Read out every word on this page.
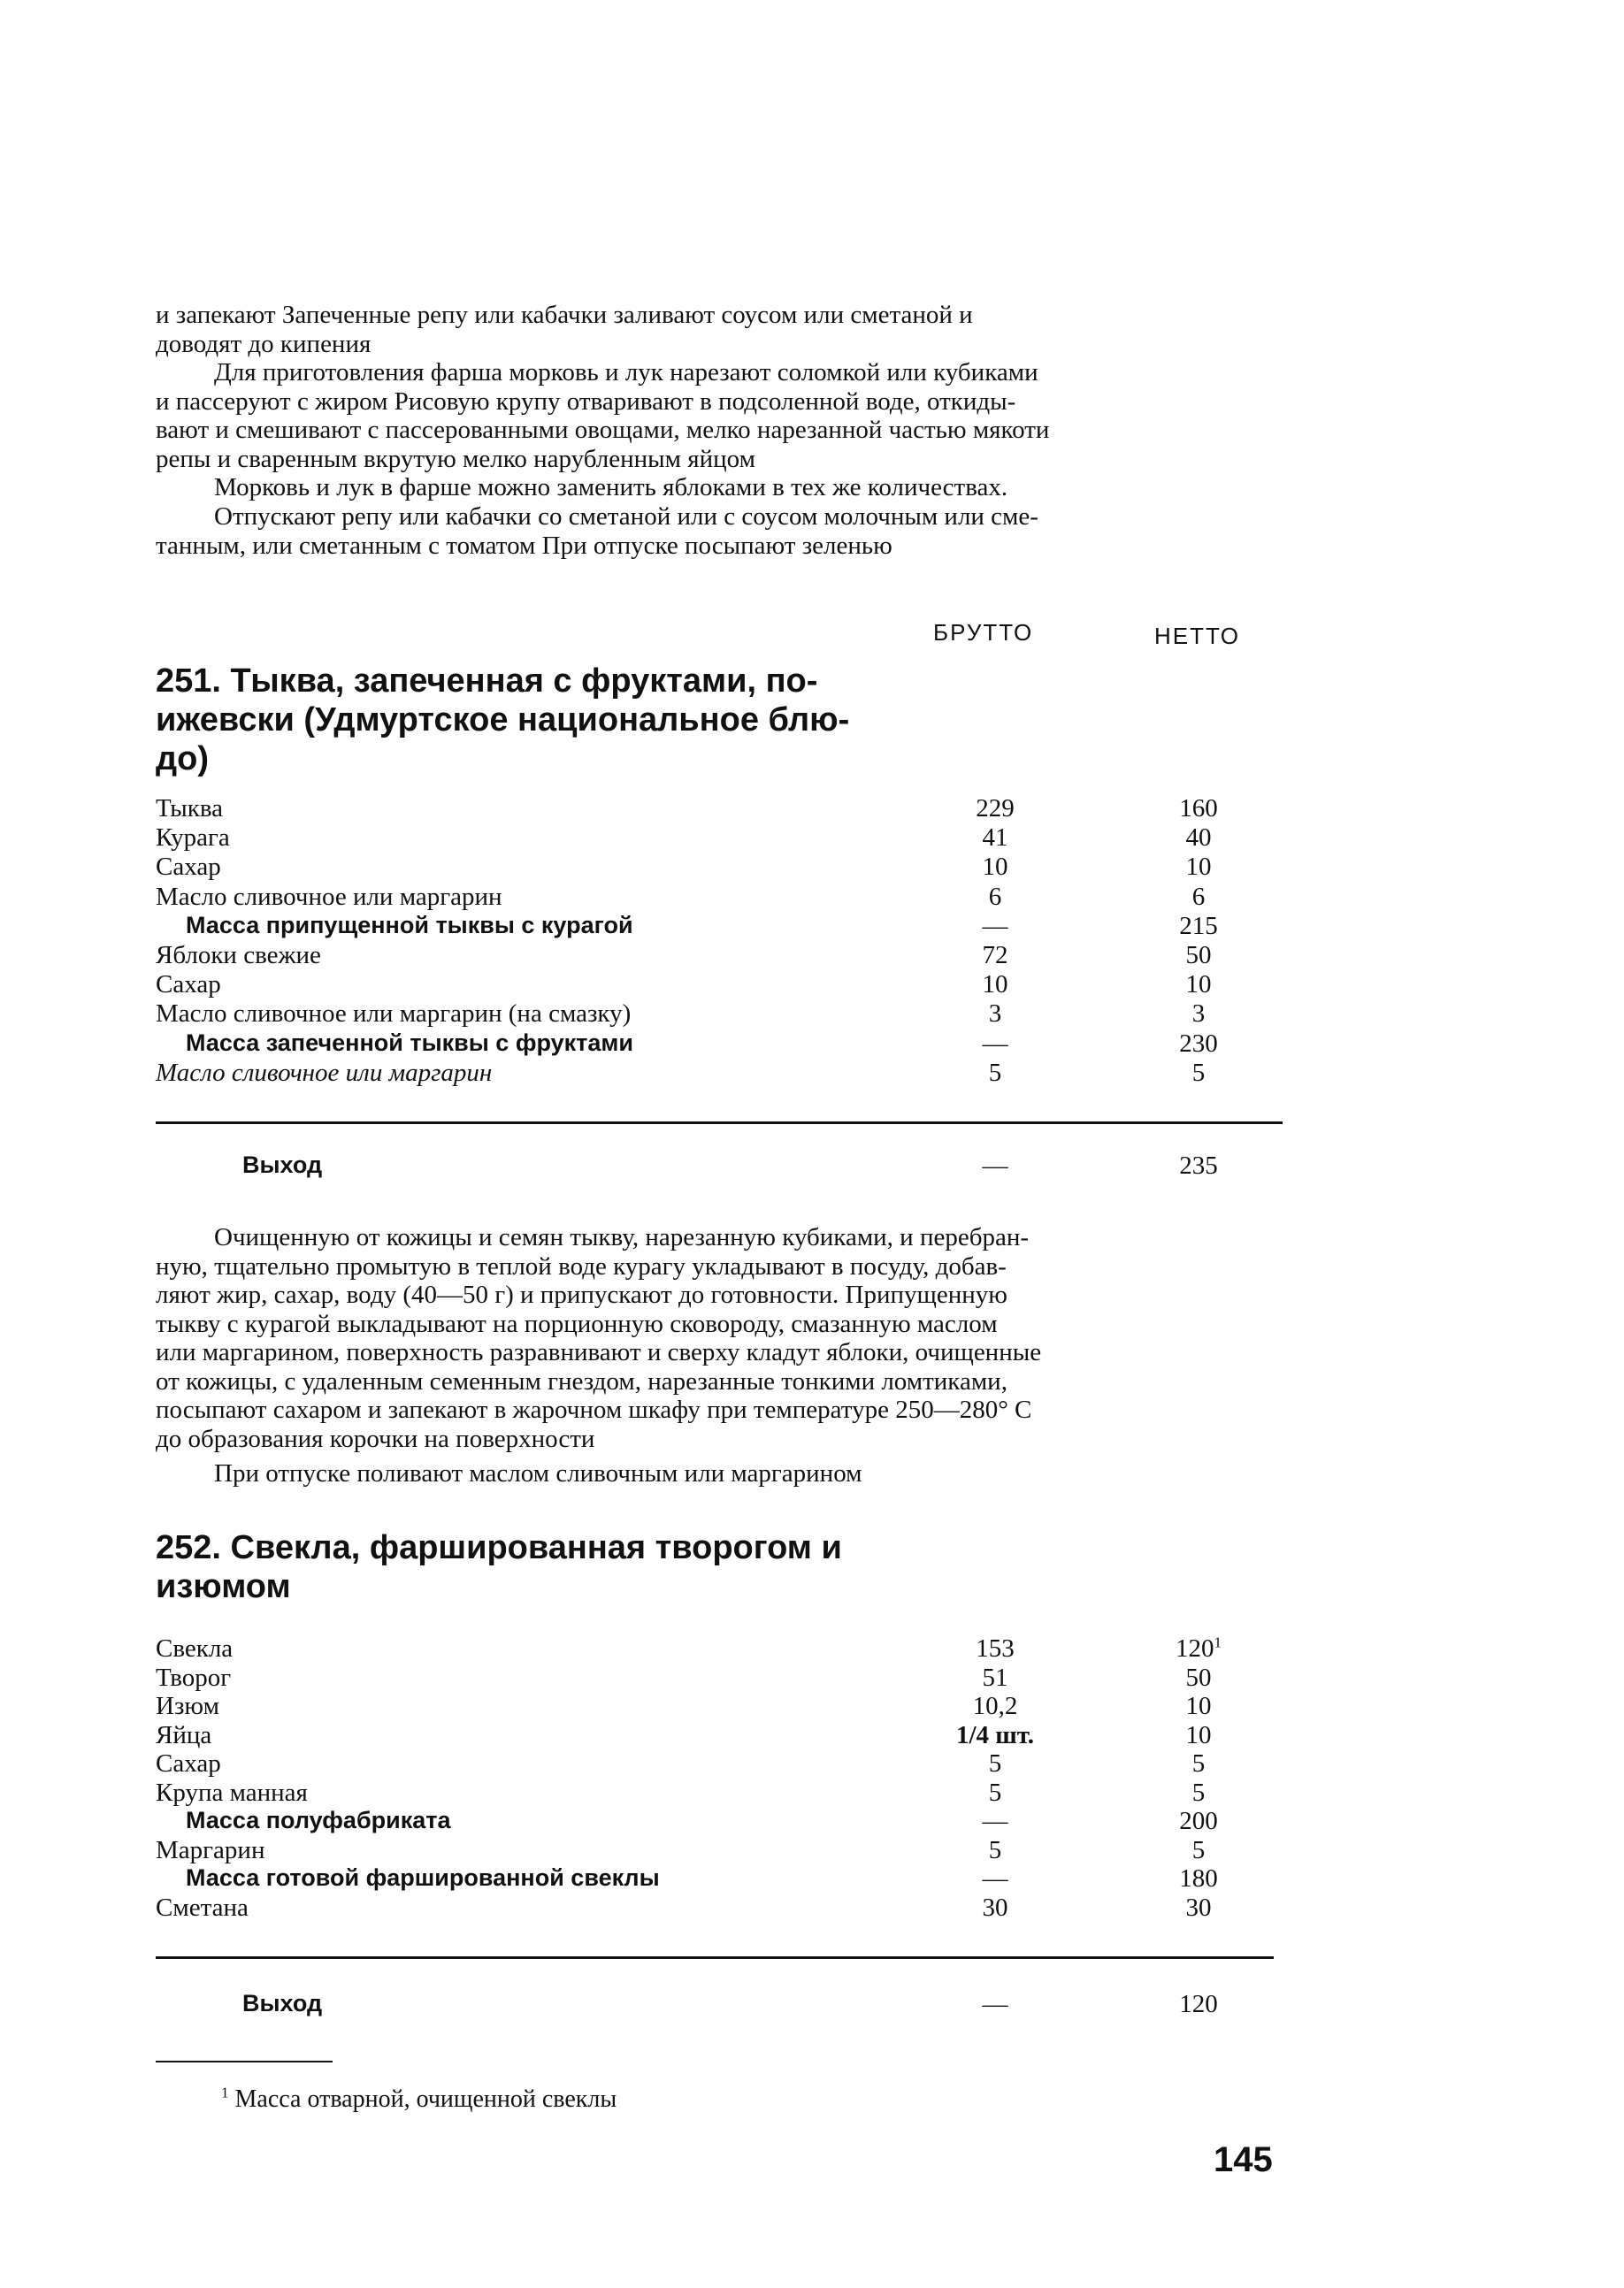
и запекают Запеченные репу или кабачки заливают соусом или сметаной и
доводят до кипения
Для приготовления фарша морковь и лук нарезают соломкой или кубиками
и пассеруют с жиром Рисовую крупу отваривают в подсоленной воде, откиды-
вают и смешивают с пассерованными овощами, мелко нарезанной частью мякоти
репы и сваренным вкрутую мелко нарубленным яйцом
Морковь и лук в фарше можно заменить яблоками в тех же количествах.
Отпускают репу или кабачки со сметаной или с соусом молочным или сме-
танным, или сметанным с томатом При отпуске посыпают зеленью
БРУТТО	НЕТТО
251. Тыква, запеченная с фруктами, по-
ижевски (Удмуртское национальное блю-
до)
Тыква	229	160
Курага	41	40
Сахар	10	10
Масло сливочное или маргарин	6	6
Масса припущенной тыквы с курагой	—	215
Яблоки свежие	72	50
Сахар	10	10
Масло сливочное или маргарин (на смазку)	3	3
Масса запеченной тыквы с фруктами	—	230
Масло сливочное или маргарин	5	5
Выход	—	235
Очищенную от кожицы и семян тыкву, нарезанную кубиками, и перебран-
ную, тщательно промытую в теплой воде курагу укладывают в посуду, добав-
ляют жир, сахар, воду (40—50 г) и припускают до готовности. Припущенную
тыкву с курагой выкладывают на порционную сковороду, смазанную маслом
или маргарином, поверхность разравнивают и сверху кладут яблоки, очищенные
от кожицы, с удаленным семенным гнездом, нарезанные тонкими ломтиками,
посыпают сахаром и запекают в жарочном шкафу при температуре 250—280° С
до образования корочки на поверхности
При отпуске поливают маслом сливочным или маргарином
252. Свекла, фаршированная творогом и
изюмом
Свекла	153	$120^1$
Творог	51	50
Изюм	10,2	10
Яйца	1/4 шт.	10
Сахар	5	5
Крупа манная	5	5
Масса полуфабриката	—	200
Маргарин	5	5
Масса готовой фаршированной свеклы	—	180
Сметана	30	30
Выход	—	120
$^1$ Масса отварной, очищенной свеклы
145
